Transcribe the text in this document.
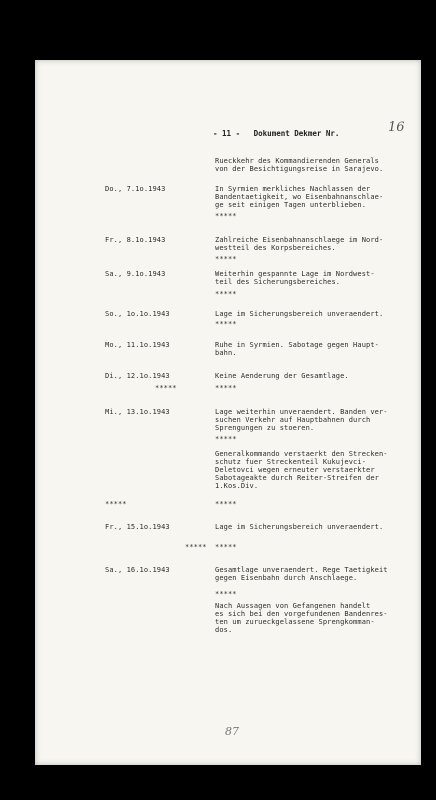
- 11 -   Dokument Dekmer Nr.	16
Rueckkehr des Kommandierenden Generals
von der Besichtigungsreise in Sarajevo.
Do., 7.1o.1943	In Syrmien merkliches Nachlassen der
Bandentaetigkeit, wo Eisenbahnanschlae-
ge seit einigen Tagen unterblieben.
*****
Fr., 8.1o.1943	Zahlreiche Eisenbahnanschlaege im Nord-
westteil des Korpsbereiches.
*****
Sa., 9.1o.1943	Weiterhin gespannte Lage im Nordwest-
teil des Sicherungsbereiches.
*****
So., 1o.1o.1943	Lage im Sicherungsbereich unveraendert.
*****
Mo., 11.1o.1943	Ruhe in Syrmien. Sabotage gegen Haupt-
bahn.
Di., 12.1o.1943	Keine Aenderung der Gesamtlage.
*****	*****
Mi., 13.1o.1943	Lage weiterhin unveraendert. Banden ver-
suchen Verkehr auf Hauptbahnen durch
Sprengungen zu stoeren.
*****
Generalkommando verstaerkt den Strecken-
schutz fuer Streckenteil Kukujevci-
Deletovci wegen erneuter verstaerkter
Sabotageakte durch Reiter-Streifen der
1.Kos.Div.
*****	*****
Fr., 15.1o.1943	Lage im Sicherungsbereich unveraendert.
***** *****
Sa., 16.1o.1943	Gesamtlage unveraendert. Rege Taetigkeit
gegen Eisenbahn durch Anschlaege.
*****
Nach Aussagen von Gefangenen handelt
es sich bei den vorgefundenen Bandenres-
ten um zurueckgelassene Sprengkomman-
dos.
87
